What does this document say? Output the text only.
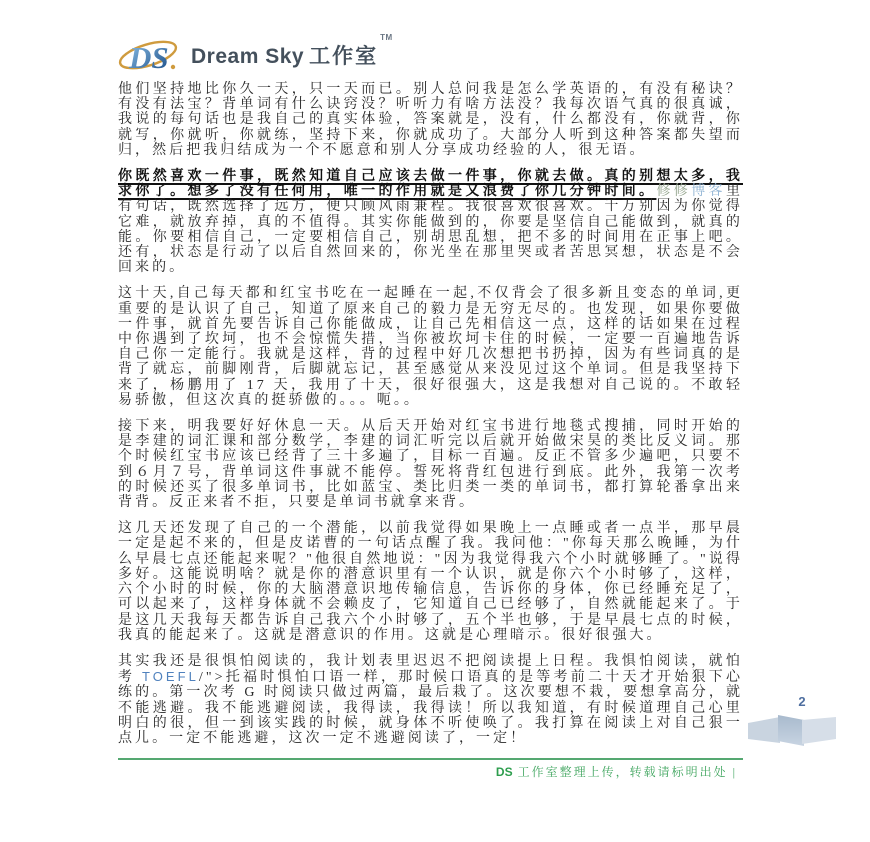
DS Dream Sky 工作室™

他们坚持地比你久一天，只一天而已。别人总问我是怎么学英语的，有没有秘诀？有没有法宝？背单词有什么诀窍没？听听力有啥方法没？我每次语气真的很真诚，我说的每句话也是我自己的真实体验，答案就是，没有，什么都没有，你就背，你就写，你就听，你就练，坚持下来，你就成功了。大部分人听到这种答案都失望而归，然后把我归结成为一个不愿意和别人分享成功经验的人，很无语。

你既然喜欢一件事，既然知道自己应该去做一件事，你就去做。真的别想太多，我求你了。想多了没有任何用，唯一的作用就是又浪费了你几分钟时间。修修博客里有句话，既然选择了远方，便只顾风雨兼程。我很喜欢很喜欢。千万别因为你觉得它难，就放弃掉，真的不值得。其实你能做到的，你要是坚信自己能做到，就真的能。你要相信自己，一定要相信自己，别胡思乱想，把不多的时间用在正事上吧。还有，状态是行动了以后自然回来的，你光坐在那里哭或者苦思冥想，状态是不会回来的。

这十天,自己每天都和红宝书吃在一起睡在一起,不仅背会了很多新且变态的单词,更重要的是认识了自己，知道了原来自己的毅力是无穷无尽的。也发现，如果你要做一件事，就首先要告诉自己你能做成，让自己先相信这一点，这样的话如果在过程中你遇到了坎坷，也不会惊慌失措，当你被坎坷卡住的时候，一定要一百遍地告诉自己你一定能行。我就是这样，背的过程中好几次想把书扔掉，因为有些词真的是背了就忘，前脚刚背，后脚就忘记，甚至感觉从来没见过这个单词。但是我坚持下来了，杨鹏用了 17 天，我用了十天，很好很强大，这是我想对自己说的。不敢轻易骄傲，但这次真的挺骄傲的。。。呃。。

接下来，明我要好好休息一天。从后天开始对红宝书进行地毯式搜捕，同时开始的是李建的词汇课和部分数学，李建的词汇听完以后就开始做宋昊的类比反义词。那个时候红宝书应该已经背了三十多遍了，目标一百遍。反正不管多少遍吧，只要不到６月７号，背单词这件事就不能停。誓死将背红包进行到底。此外，我第一次考的时候还买了很多单词书，比如蓝宝、类比归类一类的单词书，都打算轮番拿出来背背。反正来者不拒，只要是单词书就拿来背。

这几天还发现了自己的一个潜能，以前我觉得如果晚上一点睡或者一点半，那早晨一定是起不来的，但是皮诺曹的一句话点醒了我。我问他："你每天那么晚睡，为什么早晨七点还能起来呢？"他很自然地说："因为我觉得我六个小时就够睡了。"说得多好。这能说明啥？就是你的潜意识里有一个认识，就是你六个小时够了，这样，六个小时的时候，你的大脑潜意识地传输信息，告诉你的身体，你已经睡充足了，可以起来了，这样身体就不会赖皮了，它知道自己已经够了，自然就能起来了。于是这几天我每天都告诉自己我六个小时够了，五个半也够，于是早晨七点的时候，我真的能起来了。这就是潜意识的作用。这就是心理暗示。很好很强大。

其实我还是很惧怕阅读的，我计划表里迟迟不把阅读提上日程。我惧怕阅读，就怕考 TOEFL/">托福时惧怕口语一样，那时候口语真的是等考前二十天才开始狠下心练的。第一次考 G 时阅读只做过两篇，最后栽了。这次要想不栽，要想拿高分，就不能逃避。我不能逃避阅读，我得读，我得读！所以我知道，有时候道理自己心里明白的很，但一到该实践的时候，就身体不听使唤了。我打算在阅读上对自己狠一点儿。一定不能逃避，这次一定不逃避阅读了，一定！

DS 工作室整理上传，转载请标明出处 |
2
